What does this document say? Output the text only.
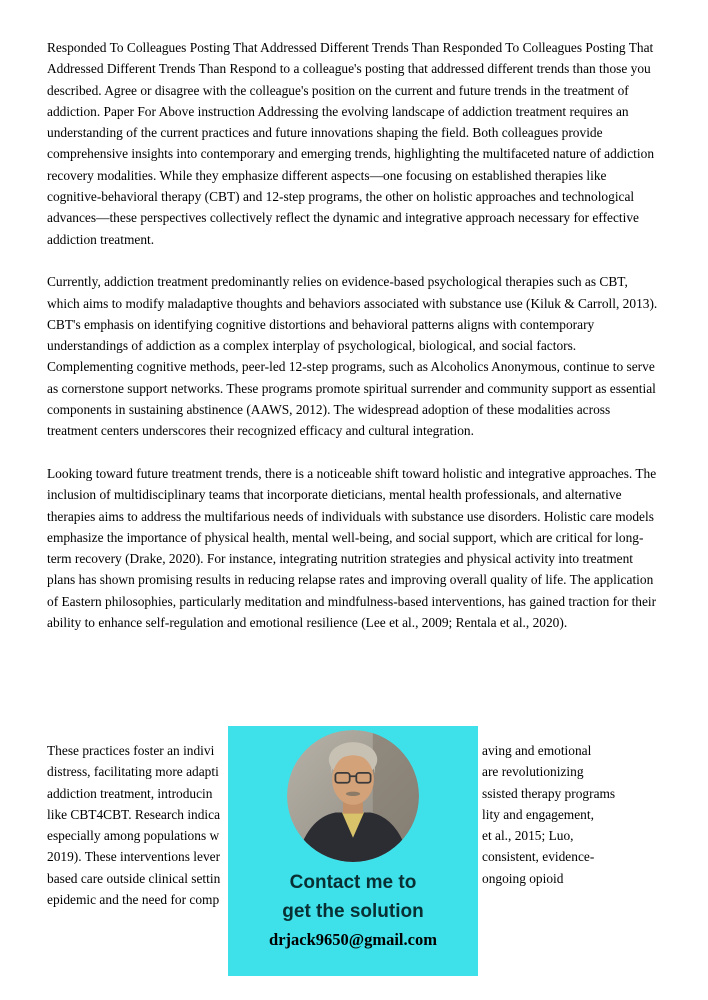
Responded To Colleagues Posting That Addressed Different Trends Than Responded To Colleagues Posting That Addressed Different Trends Than Respond to a colleague's posting that addressed different trends than those you described. Agree or disagree with the colleague's position on the current and future trends in the treatment of addiction. Paper For Above instruction Addressing the evolving landscape of addiction treatment requires an understanding of the current practices and future innovations shaping the field. Both colleagues provide comprehensive insights into contemporary and emerging trends, highlighting the multifaceted nature of addiction recovery modalities. While they emphasize different aspects—one focusing on established therapies like cognitive-behavioral therapy (CBT) and 12-step programs, the other on holistic approaches and technological advances—these perspectives collectively reflect the dynamic and integrative approach necessary for effective addiction treatment.

Currently, addiction treatment predominantly relies on evidence-based psychological therapies such as CBT, which aims to modify maladaptive thoughts and behaviors associated with substance use (Kiluk & Carroll, 2013). CBT's emphasis on identifying cognitive distortions and behavioral patterns aligns with contemporary understandings of addiction as a complex interplay of psychological, biological, and social factors. Complementing cognitive methods, peer-led 12-step programs, such as Alcoholics Anonymous, continue to serve as cornerstone support networks. These programs promote spiritual surrender and community support as essential components in sustaining abstinence (AAWS, 2012). The widespread adoption of these modalities across treatment centers underscores their recognized efficacy and cultural integration.

Looking toward future treatment trends, there is a noticeable shift toward holistic and integrative approaches. The inclusion of multidisciplinary teams that incorporate dieticians, mental health professionals, and alternative therapies aims to address the multifarious needs of individuals with substance use disorders. Holistic care models emphasize the importance of physical health, mental well-being, and social support, which are critical for long-term recovery (Drake, 2020). For instance, integrating nutrition strategies and physical activity into treatment plans has shown promising results in reducing relapse rates and improving overall quality of life. The application of Eastern philosophies, particularly meditation and mindfulness-based interventions, has gained traction for their ability to enhance self-regulation and emotional resilience (Lee et al., 2009; Rentala et al., 2020).

These practices foster an indivi	aving and emotional
distress, facilitating more adapti	are revolutionizing
addiction treatment, introducin	ssisted therapy programs
like CBT4CBT. Research indica	lity and engagement,
especially among populations w	et al., 2015; Luo,
2019). These interventions lever	consistent, evidence-
based care outside clinical settin	ongoing opioid
epidemic and the need for comp
Contact me to
get the solution
drjack9650@gmail.com
